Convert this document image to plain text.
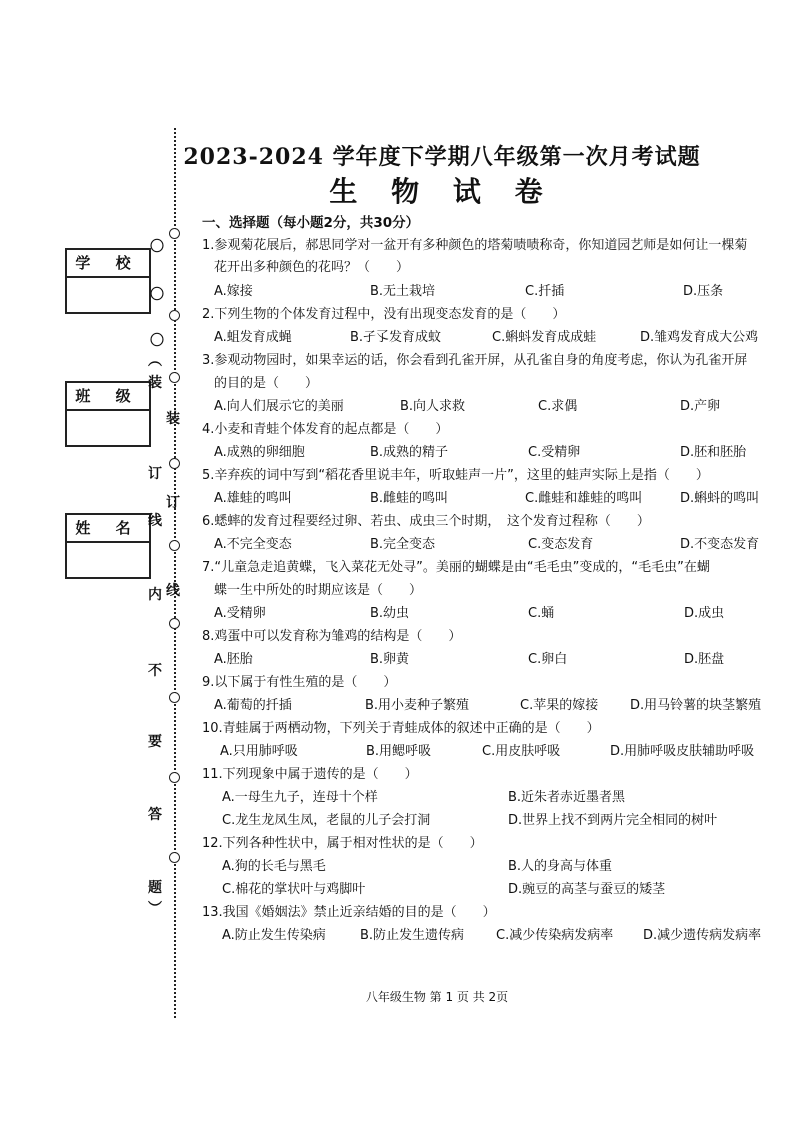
2023-2024 学年度下学期八年级第一次月考试题
生 物 试 卷
学 校
班 级
姓 名
〇
〇
〇
︵
装
订
线
内
不
要
答
题
︶
装
订
线
一、选择题（每小题2分，共30分）
1.参观菊花展后，郝思同学对一盆开有多种颜色的塔菊啧啧称奇，你知道园艺师是如何让一棵菊
花开出多种颜色的花吗？（　　）
A.嫁接	B.无土栽培	C.扦插	D.压条
2.下列生物的个体发育过程中，没有出现变态发育的是（　　）
A.蛆发育成蝇	B.孑孓发育成蚊	C.蝌蚪发育成成蛙	D.雏鸡发育成大公鸡
3.参观动物园时，如果幸运的话，你会看到孔雀开屏，从孔雀自身的角度考虑，你认为孔雀开屏
的目的是（　　）
A.向人们展示它的美丽	B.向人求救	C.求偶	D.产卵
4.小麦和青蛙个体发育的起点都是（　　）
A.成熟的卵细胞	B.成熟的精子	C.受精卵	D.胚和胚胎
5.辛弃疾的词中写到“稻花香里说丰年，听取蛙声一片”，这里的蛙声实际上是指（　　）
A.雄蛙的鸣叫	B.雌蛙的鸣叫	C.雌蛙和雄蛙的鸣叫	D.蝌蚪的鸣叫
6.蟋蟀的发育过程要经过卵、若虫、成虫三个时期，　这个发育过程称（　　）
A.不完全变态	B.完全变态	C.变态发育	D.不变态发育
7.“儿童急走追黄蝶，飞入菜花无处寻”。美丽的蝴蝶是由“毛毛虫”变成的，“毛毛虫”在蝴
蝶一生中所处的时期应该是（　　）
A.受精卵	B.幼虫	C.蛹	D.成虫
8.鸡蛋中可以发育称为雏鸡的结构是（　　）
A.胚胎	B.卵黄	C.卵白	D.胚盘
9.以下属于有性生殖的是（　　）
A.葡萄的扦插	B.用小麦种子繁殖	C.苹果的嫁接 D.用马铃薯的块茎繁殖
10.青蛙属于两栖动物，下列关于青蛙成体的叙述中正确的是（　　）
A.只用肺呼吸	B.用鳃呼吸	C.用皮肤呼吸	D.用肺呼吸皮肤辅助呼吸
11.下列现象中属于遗传的是（　　）
A.一母生九子，连母十个样	B.近朱者赤近墨者黑
C.龙生龙凤生凤，老鼠的儿子会打洞	D.世界上找不到两片完全相同的树叶
12.下列各种性状中，属于相对性状的是（　　）
A.狗的长毛与黑毛	B.人的身高与体重
C.棉花的掌状叶与鸡脚叶	D.豌豆的高茎与蚕豆的矮茎
13.我国《婚姻法》禁止近亲结婚的目的是（　　）
A.防止发生传染病	B.防止发生遗传病 C.减少传染病发病率 D.减少遗传病发病率
八年级生物 第 1 页 共 2页
